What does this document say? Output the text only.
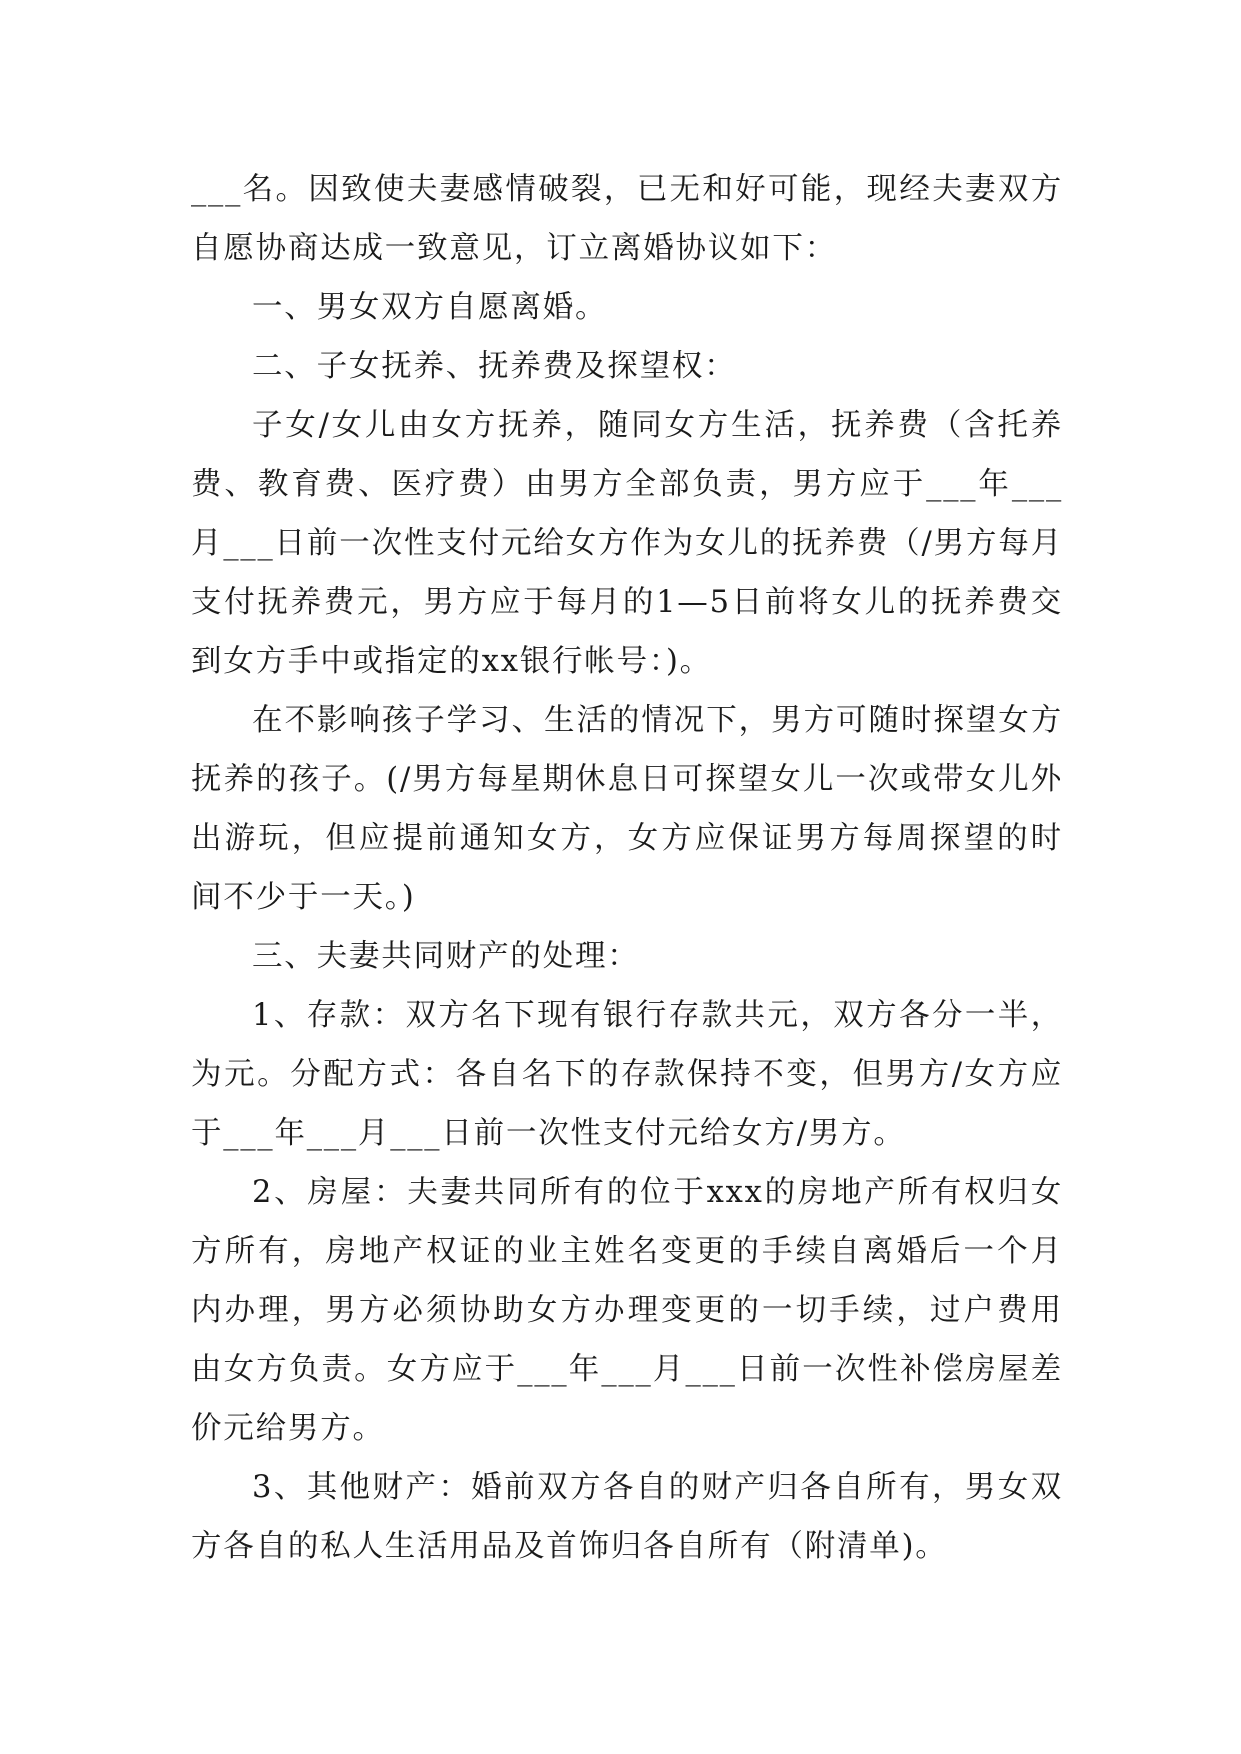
___名。因致使夫妻感情破裂，已无和好可能，现经夫妻双方自愿协商达成一致意见，订立离婚协议如下：

一、男女双方自愿离婚。

二、子女抚养、抚养费及探望权：

子女/女儿由女方抚养，随同女方生活，抚养费（含托养费、教育费、医疗费）由男方全部负责，男方应于___年___月___日前一次性支付元给女方作为女儿的抚养费（/男方每月支付抚养费元，男方应于每月的1—5日前将女儿的抚养费交到女方手中或指定的xx银行帐号：)。

在不影响孩子学习、生活的情况下，男方可随时探望女方抚养的孩子。(/男方每星期休息日可探望女儿一次或带女儿外出游玩，但应提前通知女方，女方应保证男方每周探望的时间不少于一天。)

三、夫妻共同财产的处理：

1、存款：双方名下现有银行存款共元，双方各分一半，为元。分配方式：各自名下的存款保持不变，但男方/女方应于___年___月___日前一次性支付元给女方/男方。

2、房屋：夫妻共同所有的位于xxx的房地产所有权归女方所有，房地产权证的业主姓名变更的手续自离婚后一个月内办理，男方必须协助女方办理变更的一切手续，过户费用由女方负责。女方应于___年___月___日前一次性补偿房屋差价元给男方。

3、其他财产：婚前双方各自的财产归各自所有，男女双方各自的私人生活用品及首饰归各自所有（附清单)。
